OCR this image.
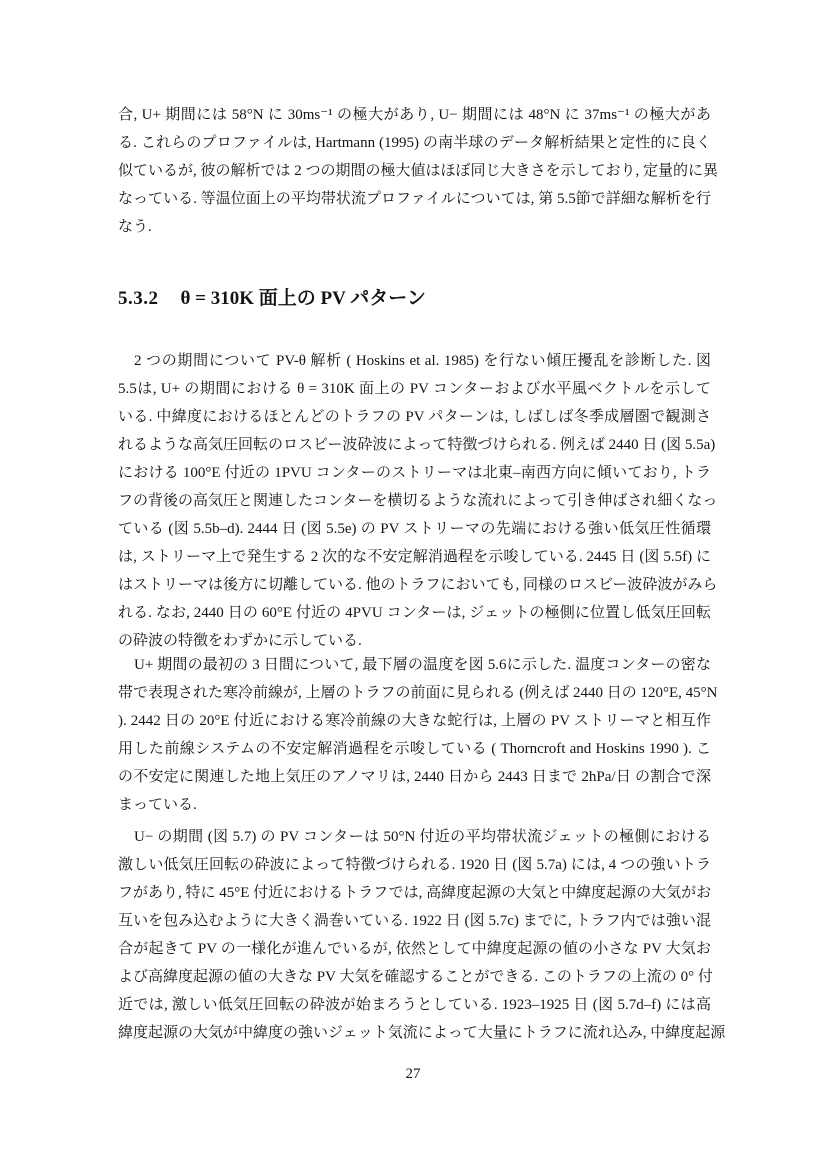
合, U+ 期間には 58°N に 30ms⁻¹ の極大があり, U− 期間には 48°N に 37ms⁻¹ の極大があ
る. これらのプロファイルは, Hartmann (1995) の南半球のデータ解析結果と定性的に良く
似ているが, 彼の解析では 2 つの期間の極大値はほぼ同じ大きさを示しており, 定量的に異
なっている. 等温位面上の平均帯状流プロファイルについては, 第 5.5節で詳細な解析を行
なう.
5.3.2 θ = 310K 面上の PV パターン
2 つの期間について PV-θ 解析 ( Hoskins et al. 1985) を行ない傾圧擾乱を診断した. 図
5.5は, U+ の期間における θ = 310K 面上の PV コンターおよび水平風ベクトルを示して
いる. 中緯度におけるほとんどのトラフの PV パターンは, しばしば冬季成層圏で観測さ
れるような高気圧回転のロスビー波砕波によって特徴づけられる. 例えば 2440 日 (図 5.5a)
における 100°E 付近の 1PVU コンターのストリーマは北東–南西方向に傾いており, トラ
フの背後の高気圧と関連したコンターを横切るような流れによって引き伸ばされ細くなっ
ている (図 5.5b–d). 2444 日 (図 5.5e) の PV ストリーマの先端における強い低気圧性循環
は, ストリーマ上で発生する 2 次的な不安定解消過程を示唆している. 2445 日 (図 5.5f) に
はストリーマは後方に切離している. 他のトラフにおいても, 同様のロスビー波砕波がみら
れる. なお, 2440 日の 60°E 付近の 4PVU コンターは, ジェットの極側に位置し低気圧回転
の砕波の特徴をわずかに示している.
U+ 期間の最初の 3 日間について, 最下層の温度を図 5.6に示した. 温度コンターの密な
帯で表現された寒冷前線が, 上層のトラフの前面に見られる (例えば 2440 日の 120°E, 45°N
). 2442 日の 20°E 付近における寒冷前線の大きな蛇行は, 上層の PV ストリーマと相互作
用した前線システムの不安定解消過程を示唆している ( Thorncroft and Hoskins 1990 ). こ
の不安定に関連した地上気圧のアノマリは, 2440 日から 2443 日まで 2hPa/日 の割合で深
まっている.
U− の期間 (図 5.7) の PV コンターは 50°N 付近の平均帯状流ジェットの極側における
激しい低気圧回転の砕波によって特徴づけられる. 1920 日 (図 5.7a) には, 4 つの強いトラ
フがあり, 特に 45°E 付近におけるトラフでは, 高緯度起源の大気と中緯度起源の大気がお
互いを包み込むように大きく渦巻いている. 1922 日 (図 5.7c) までに, トラフ内では強い混
合が起きて PV の一様化が進んでいるが, 依然として中緯度起源の値の小さな PV 大気お
よび高緯度起源の値の大きな PV 大気を確認することができる. このトラフの上流の 0° 付
近では, 激しい低気圧回転の砕波が始まろうとしている. 1923–1925 日 (図 5.7d–f) には高
緯度起源の大気が中緯度の強いジェット気流によって大量にトラフに流れ込み, 中緯度起源
27
